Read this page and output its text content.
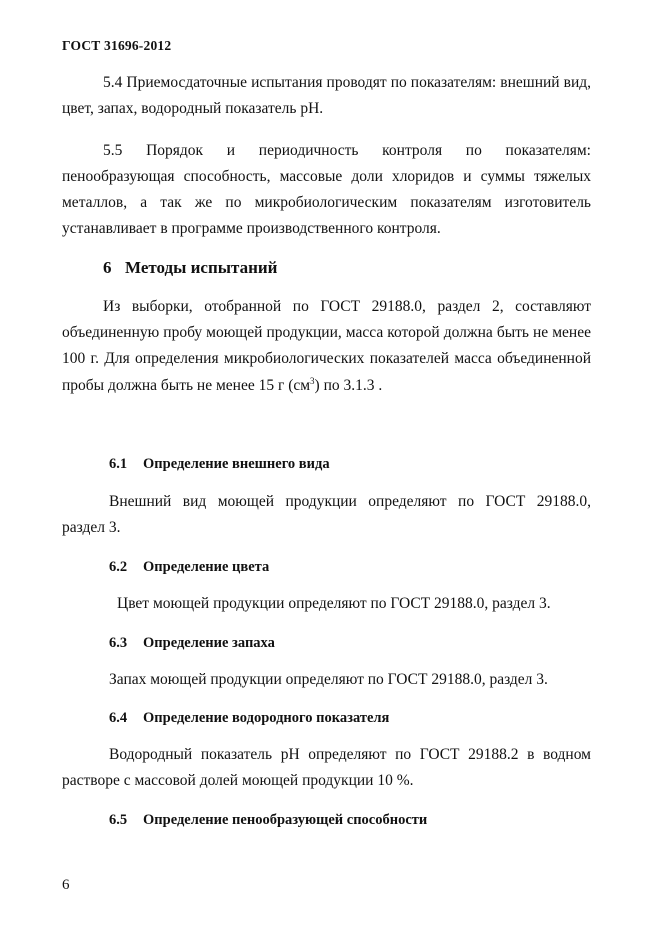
ГОСТ 31696-2012
5.4 Приемосдаточные испытания проводят по показателям: внешний вид,
цвет, запах, водородный показатель рН.
5.5 Порядок и периодичность контроля по показателям:
пенообразующая способность, массовые доли хлоридов и суммы тяжелых
металлов, а так же по микробиологическим показателям изготовитель
устанавливает в программе производственного контроля.
6 Методы испытаний
Из выборки, отобранной по ГОСТ 29188.0, раздел 2, составляют
объединенную пробу моющей продукции, масса которой должна быть не менее
100 г. Для определения микробиологических показателей масса объединенной
пробы должна быть не менее 15 г $(см^3)$ по 3.1.3 .
6.1 Определение внешнего вида
Внешний вид моющей продукции определяют по ГОСТ 29188.0,
раздел 3.
6.2 Определение цвета
Цвет моющей продукции определяют по ГОСТ 29188.0, раздел 3.
6.3 Определение запаха
Запах моющей продукции определяют по ГОСТ 29188.0, раздел 3.
6.4 Определение водородного показателя
Водородный показатель рН определяют по ГОСТ 29188.2 в водном
растворе с массовой долей моющей продукции 10 %.
6.5 Определение пенообразующей способности
6
